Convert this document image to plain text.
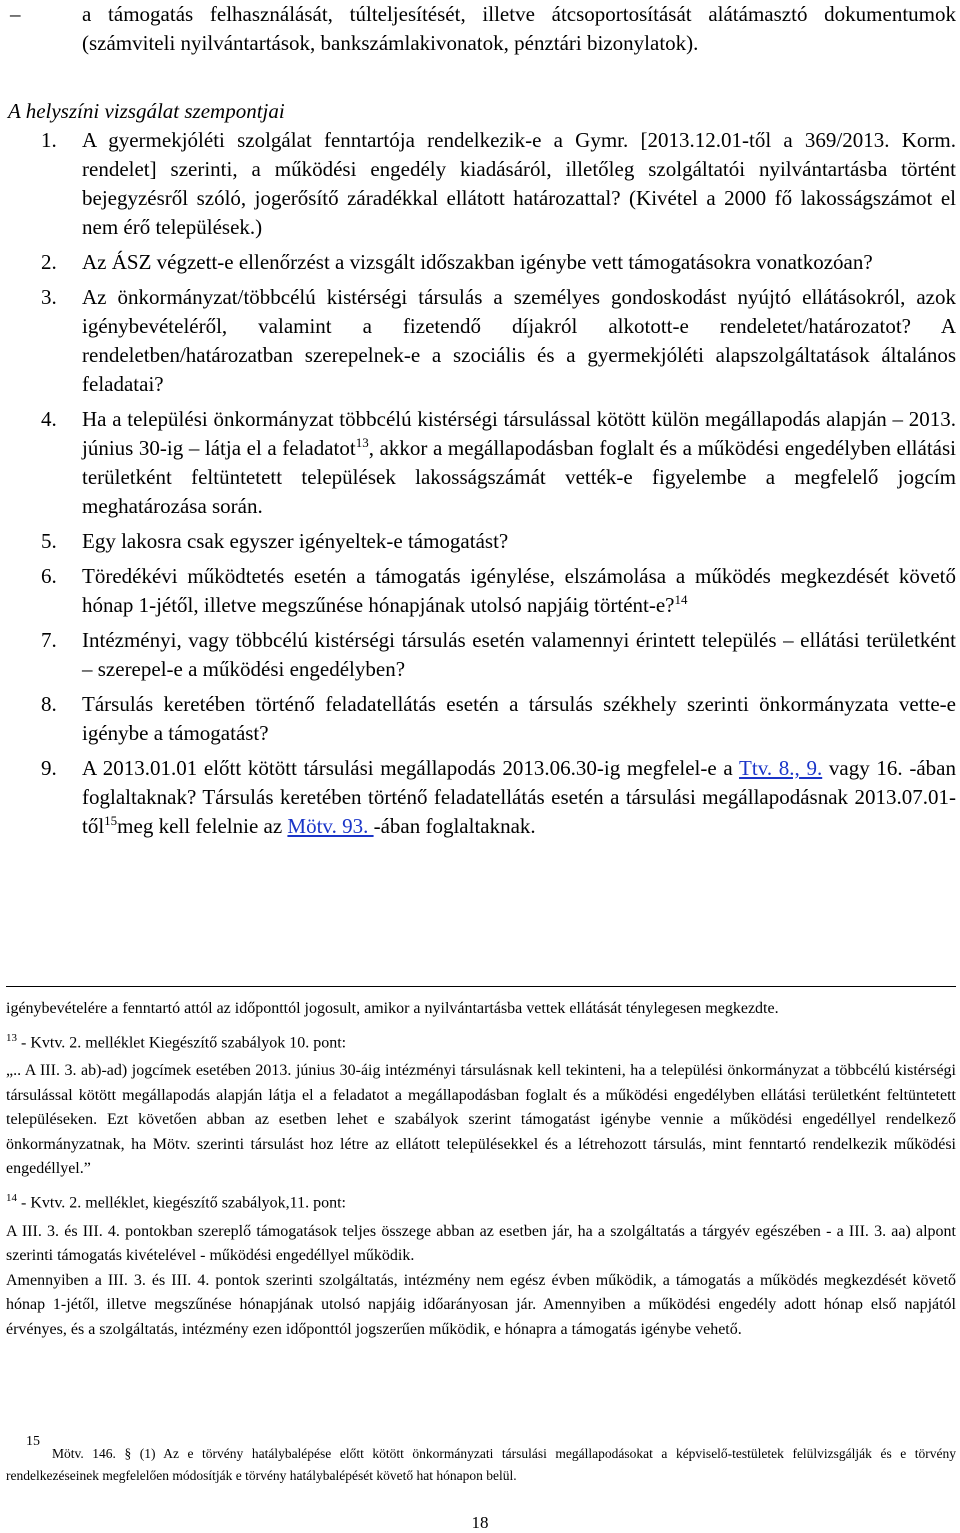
–	a támogatás felhasználását, túlteljesítését, illetve átcsoportosítását alátámasztó dokumentumok (számviteli nyilvántartások, bankszámlakivonatok, pénztári bizonylatok).
A helyszíni vizsgálat szempontjai
1. A gyermekjóléti szolgálat fenntartója rendelkezik-e a Gymr. [2013.12.01-től a 369/2013. Korm. rendelet] szerinti, a működési engedély kiadásáról, illetőleg szolgáltatói nyilvántartásba történt bejegyzésről szóló, jogerősítő záradékkal ellátott határozattal? (Kivétel a 2000 fő lakosságszámot el nem érő települések.)
2. Az ÁSZ végzett-e ellenőrzést a vizsgált időszakban igénybe vett támogatásokra vonatkozóan?
3. Az önkormányzat/többcélú kistérségi társulás a személyes gondoskodást nyújtó ellátásokról, azok igénybevételéről, valamint a fizetendő díjakról alkotott-e rendeletet/határozatot? A rendeletben/határozatban szerepelnek-e a szociális és a gyermekjóléti alapszolgáltatások általános feladatai?
4. Ha a települési önkormányzat többcélú kistérségi társulással kötött külön megállapodás alapján – 2013. június 30-ig – látja el a feladatot$^{13}$, akkor a megállapodásban foglalt és a működési engedélyben ellátási területként feltüntetett települések lakosságszámát vették-e figyelembe a megfelelő jogcím meghatározása során.
5. Egy lakosra csak egyszer igényeltek-e támogatást?
6. Töredékévi működtetés esetén a támogatás igénylése, elszámolása a működés megkezdését követő hónap 1-jétől, illetve megszűnése hónapjának utolsó napjáig történt-e?$^{14}$
7. Intézményi, vagy többcélú kistérségi társulás esetén valamennyi érintett település – ellátási területként – szerepel-e a működési engedélyben?
8. Társulás keretében történő feladatellátás esetén a társulás székhely szerinti önkormányzata vette-e igénybe a támogatást?
9. A 2013.01.01 előtt kötött társulási megállapodás 2013.06.30-ig megfelel-e a Ttv. 8., 9. vagy 16. -ában foglaltaknak? Társulás keretében történő feladatellátás esetén a társulási megállapodásnak 2013.07.01-től$^{15}$meg kell felelnie az Mötv. 93. -ában foglaltaknak.

igénybevételére a fenntartó attól az időponttól jogosult, amikor a nyilvántartásba vettek ellátását ténylegesen megkezdte.

$^{13}$ - Kvtv. 2. melléklet Kiegészítő szabályok 10. pont:

„.. A III. 3. ab)-ad) jogcímek esetében 2013. június 30-áig intézményi társulásnak kell tekinteni, ha a települési önkormányzat a többcélú kistérségi társulással kötött megállapodás alapján látja el a feladatot a megállapodásban foglalt és a működési engedélyben ellátási területként feltüntetett településeken. Ezt követően abban az esetben lehet e szabályok szerint támogatást igénybe vennie a működési engedéllyel rendelkező önkormányzatnak, ha Mötv. szerinti társulást hoz létre az ellátott településekkel és a létrehozott társulás, mint fenntartó rendelkezik működési engedéllyel.”

$^{14}$ - Kvtv. 2. melléklet, kiegészítő szabályok,11. pont:

A III. 3. és III. 4. pontokban szereplő támogatások teljes összege abban az esetben jár, ha a szolgáltatás a tárgyév egészében - a III. 3. aa) alpont szerinti támogatás kivételével - működési engedéllyel működik.

Amennyiben a III. 3. és III. 4. pontok szerinti szolgáltatás, intézmény nem egész évben működik, a támogatás a működés megkezdését követő hónap 1-jétől, illetve megszűnése hónapjának utolsó napjáig időarányosan jár. Amennyiben a működési engedély adott hónap első napjától érvényes, és a szolgáltatás, intézmény ezen időponttól jogszerűen működik, e hónapra a támogatás igénybe vehető.

15

Mötv. 146. § (1) Az e törvény hatálybalépése előtt kötött önkormányzati társulási megállapodásokat a képviselő-testületek felülvizsgálják és e törvény rendelkezéseinek megfelelően módosítják e törvény hatálybalépését követő hat hónapon belül.

18
